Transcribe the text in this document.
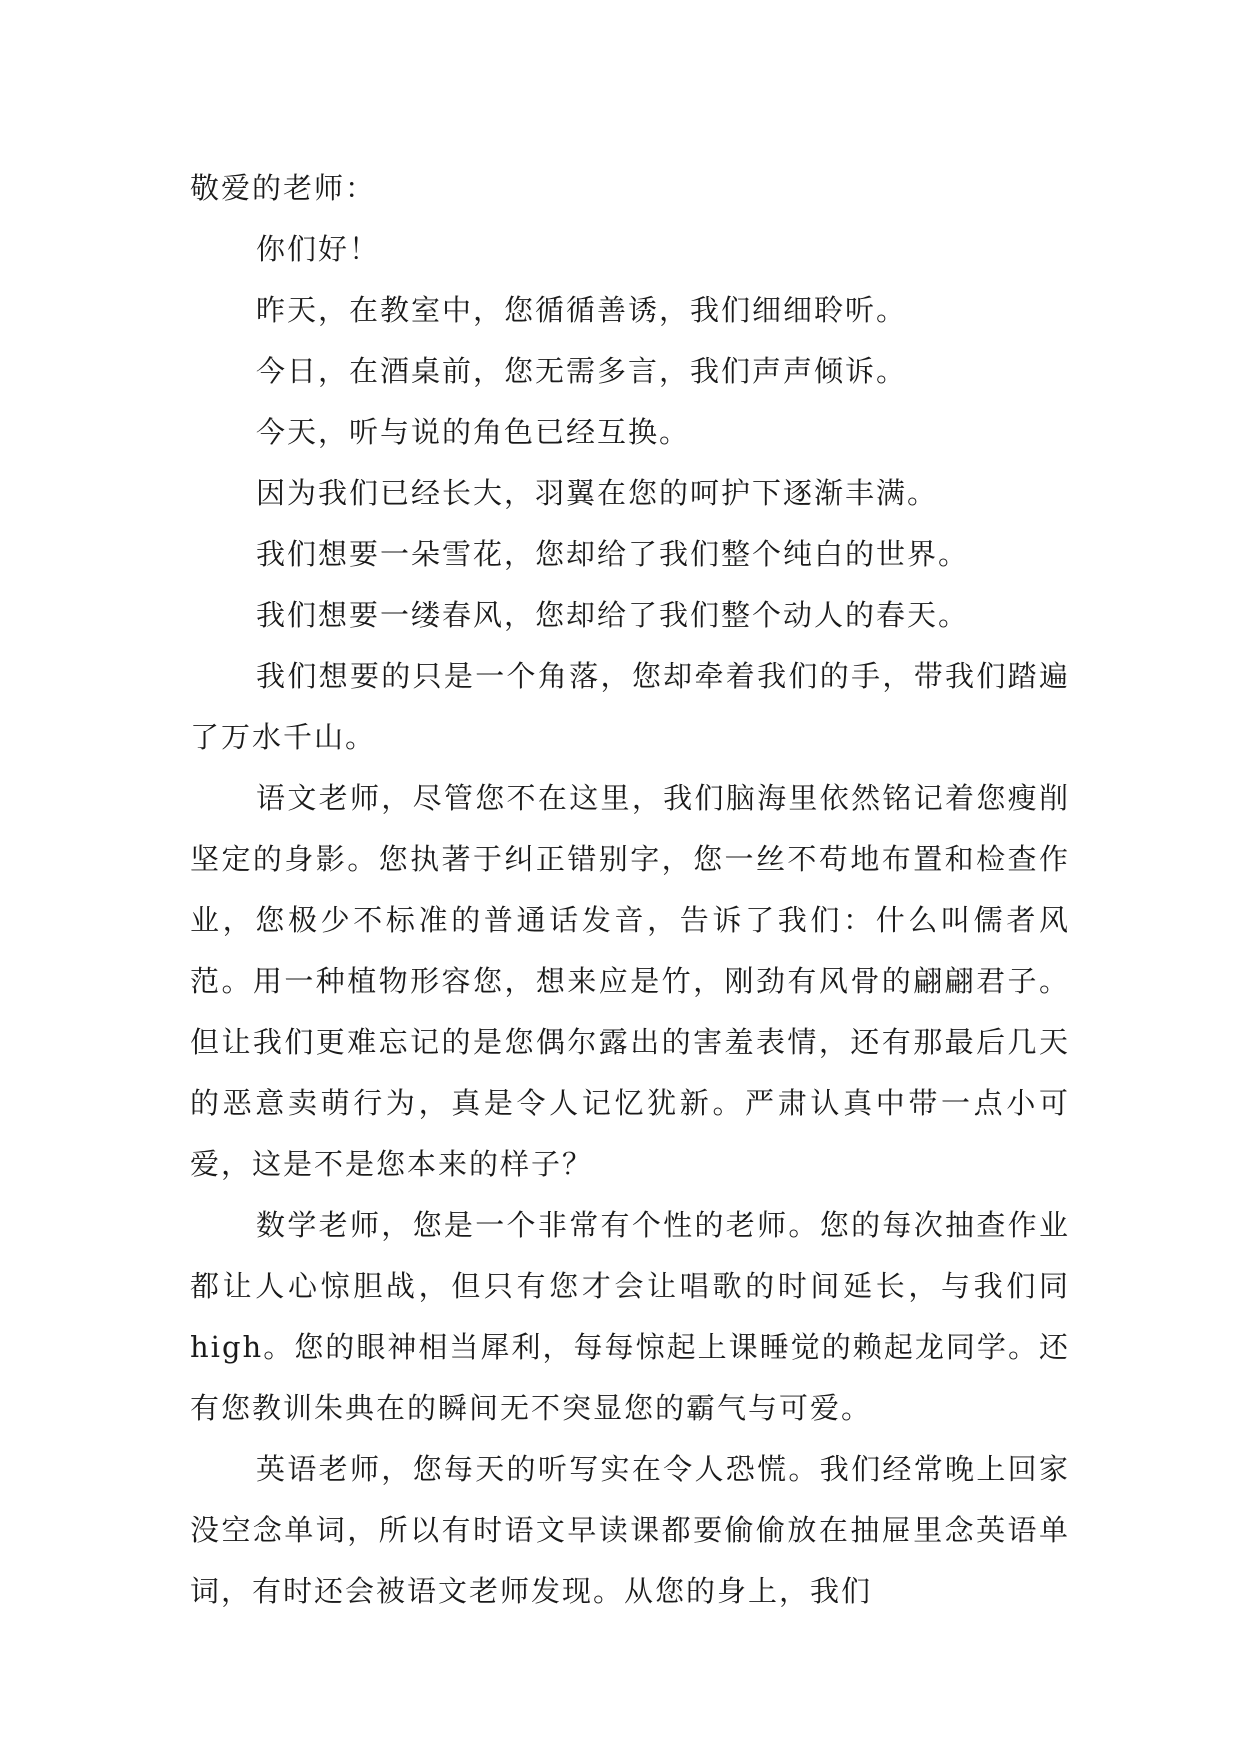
敬爱的老师：

你们好！

昨天，在教室中，您循循善诱，我们细细聆听。

今日，在酒桌前，您无需多言，我们声声倾诉。

今天，听与说的角色已经互换。

因为我们已经长大，羽翼在您的呵护下逐渐丰满。

我们想要一朵雪花，您却给了我们整个纯白的世界。

我们想要一缕春风，您却给了我们整个动人的春天。

我们想要的只是一个角落，您却牵着我们的手，带我们踏遍了万水千山。

语文老师，尽管您不在这里，我们脑海里依然铭记着您瘦削坚定的身影。您执著于纠正错别字，您一丝不苟地布置和检查作业，您极少不标准的普通话发音，告诉了我们：什么叫儒者风范。用一种植物形容您，想来应是竹，刚劲有风骨的翩翩君子。但让我们更难忘记的是您偶尔露出的害羞表情，还有那最后几天的恶意卖萌行为，真是令人记忆犹新。严肃认真中带一点小可爱，这是不是您本来的样子？

数学老师，您是一个非常有个性的老师。您的每次抽查作业都让人心惊胆战，但只有您才会让唱歌的时间延长，与我们同 high。您的眼神相当犀利，每每惊起上课睡觉的赖起龙同学。还有您教训朱典在的瞬间无不突显您的霸气与可爱。

英语老师，您每天的听写实在令人恐慌。我们经常晚上回家没空念单词，所以有时语文早读课都要偷偷放在抽屉里念英语单词，有时还会被语文老师发现。从您的身上，我们
